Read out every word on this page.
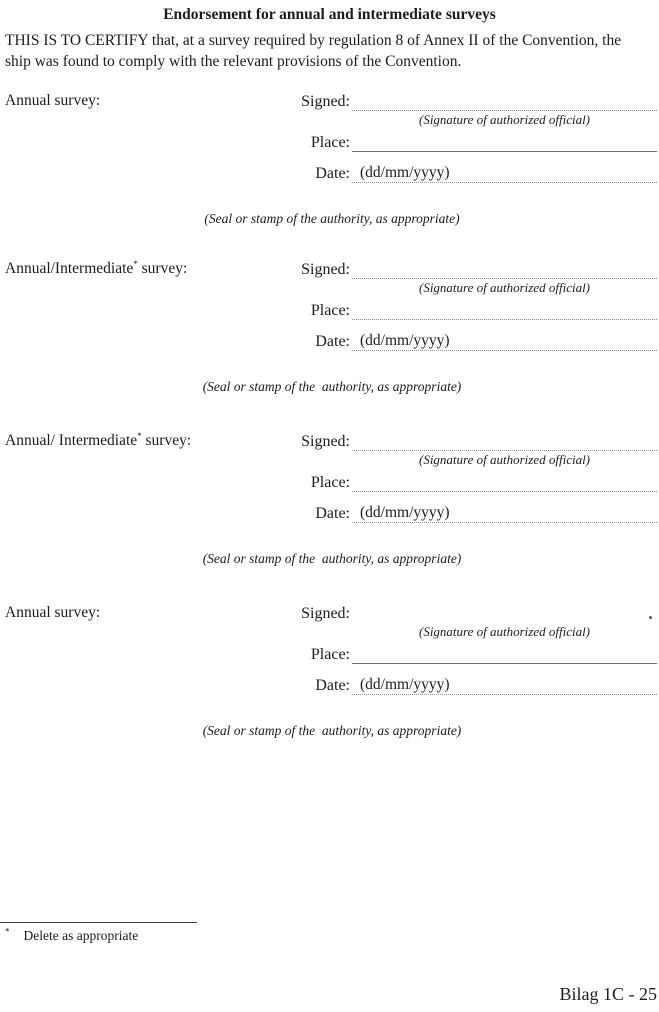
Endorsement for annual and intermediate surveys
THIS IS TO CERTIFY that, at a survey required by regulation 8 of Annex II of the Convention, the
ship was found to comply with the relevant provisions of the Convention.
Annual survey:	Signed:
(Signature of authorized official)
Place:
Date: (dd/mm/yyyy)
(Seal or stamp of the authority, as appropriate)
Annual/Intermediate* survey:	Signed:
(Signature of authorized official)
Place:
Date: (dd/mm/yyyy)
(Seal or stamp of the  authority, as appropriate)
Annual/ Intermediate* survey:	Signed:
(Signature of authorized official)
Place:
Date: (dd/mm/yyyy)
(Seal or stamp of the  authority, as appropriate)
Annual survey:	Signed:
(Signature of authorized official)
Place:
Date: (dd/mm/yyyy)
(Seal or stamp of the  authority, as appropriate)
* Delete as appropriate
Bilag 1C - 25
